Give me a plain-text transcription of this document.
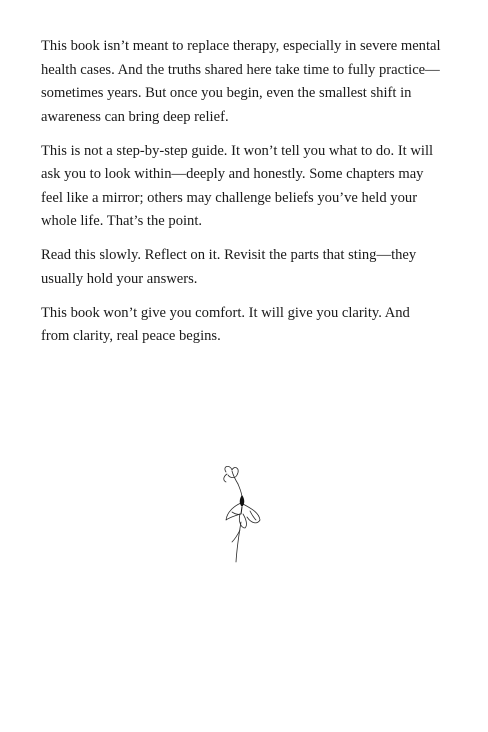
This book isn’t meant to replace therapy, especially in severe mental health cases. And the truths shared here take time to fully practice—sometimes years. But once you begin, even the smallest shift in awareness can bring deep relief.

This is not a step-by-step guide. It won’t tell you what to do. It will ask you to look within—deeply and honestly. Some chapters may feel like a mirror; others may challenge beliefs you’ve held your whole life. That’s the point.

Read this slowly. Reflect on it. Revisit the parts that sting—they usually hold your answers.

This book won’t give you comfort. It will give you clarity. And from clarity, real peace begins.
